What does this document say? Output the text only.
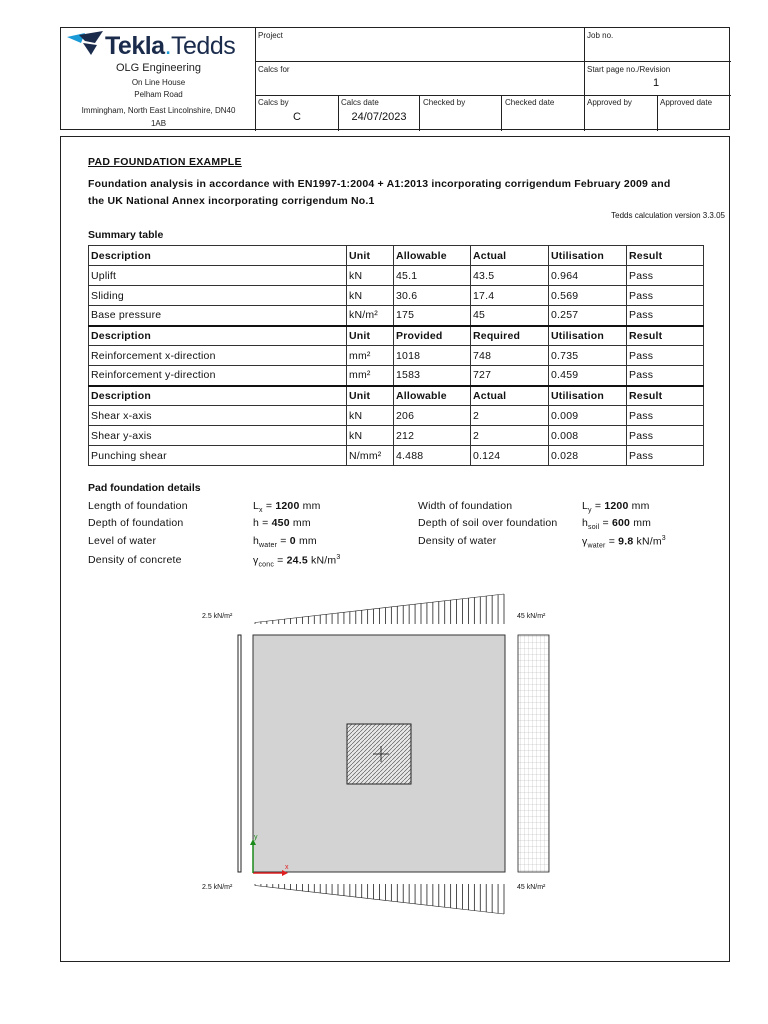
Tekla.Tedds
OLG Engineering
On Line House
Pelham Road
Immingham, North East Lincolnshire, DN40
1AB
Project	Job no.
Calcs for	Start page no./Revision
1
Calcs by
C
Calcs date
24/07/2023
Checked by	Checked date	Approved by	Approved date
PAD FOUNDATION EXAMPLE
Foundation analysis in accordance with EN1997-1:2004 + A1:2013 incorporating corrigendum February 2009 and
the UK National Annex incorporating corrigendum No.1
Tedds calculation version 3.3.05
Summary table
Description	Unit	Allowable	Actual	Utilisation	Result
Uplift	kN	45.1	43.5	0.964	Pass
Sliding	kN	30.6	17.4	0.569	Pass
Base pressure	kN/m²	175	45	0.257	Pass
Description	Unit	Provided	Required	Utilisation	Result
Reinforcement x-direction	mm²	1018	748	0.735	Pass
Reinforcement y-direction	mm²	1583	727	0.459	Pass
Description	Unit	Allowable	Actual	Utilisation	Result
Shear x-axis	kN	206	2	0.009	Pass
Shear y-axis	kN	212	2	0.008	Pass
Punching shear	N/mm²	4.488	0.124	0.028	Pass
Pad foundation details
Length of foundation	$L_x = 1200$ mm	Width of foundation	$L_y = 1200$ mm
Depth of foundation	h = 450 mm	Depth of soil over foundation $h_{soil} = 600$ mm
Level of water	$h_{water} = 0$ mm	Density of water	$\gamma_{water} = 9.8$ $kN/m^3$
Density of concrete	$\gamma_{conc} = 24.5$ $kN/m^3$
2.5 kN/m²	45 kN/m²
2.5 kN/m²	45 kN/m²
x
y
